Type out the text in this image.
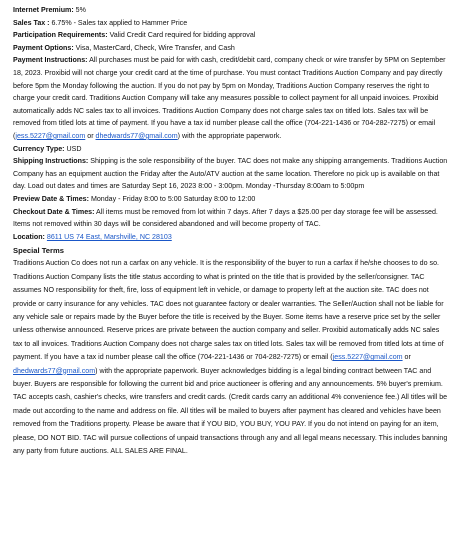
Internet Premium: 5%

Sales Tax : 6.75% - Sales tax applied to Hammer Price

Participation Requirements: Valid Credit Card required for bidding approval

Payment Options: Visa, MasterCard, Check, Wire Transfer, and Cash

Payment Instructions: All purchases must be paid for with cash, credit/debit card, company check or wire transfer by 5PM on September 18, 2023. Proxibid will not charge your credit card at the time of purchase. You must contact Traditions Auction Company and pay directly before 5pm the Monday following the auction. If you do not pay by 5pm on Monday, Traditions Auction Company reserves the right to charge your credit card. Traditions Auction Company will take any measures possible to collect payment for all unpaid invoices. Proxibid automatically adds NC sales tax to all invoices. Traditions Auction Company does not charge sales tax on titled lots. Sales tax will be removed from titled lots at time of payment. If you have a tax id number please call the office (704-221-1436 or 704-282-7275) or email (jess.5227@gmail.com or dhedwards77@gmail.com) with the appropriate paperwork.

Currency Type: USD

Shipping Instructions: Shipping is the sole responsibility of the buyer. TAC does not make any shipping arrangements. Traditions Auction Company has an equipment auction the Friday after the Auto/ATV auction at the same location. Therefore no pick up is available on that day. Load out dates and times are Saturday Sept 16, 2023 8:00 - 3:00pm. Monday -Thursday 8:00am to 5:00pm

Preview Date & Times: Monday - Friday 8:00 to 5:00 Saturday 8:00 to 12:00

Checkout Date & Times: All items must be removed from lot within 7 days. After 7 days a $25.00 per day storage fee will be assessed. Items not removed within 30 days will be considered abandoned and will become property of TAC.

Location: 8611 US 74 East, Marshville, NC 28103

Special Terms

Traditions Auction Co does not run a carfax on any vehicle. It is the responsibility of the buyer to run a carfax if he/she chooses to do so. Traditions Auction Company lists the title status according to what is printed on the title that is provided by the seller/consigner. TAC assumes NO responsibility for theft, fire, loss of equipment left in vehicle, or damage to property left at the auction site. TAC does not provide or carry insurance for any vehicles. TAC does not guarantee factory or dealer warranties. The Seller/Auction shall not be liable for any vehicle sale or repairs made by the Buyer before the title is received by the Buyer. Some items have a reserve price set by the seller unless otherwise announced. Reserve prices are private between the auction company and seller. Proxibid automatically adds NC sales tax to all invoices. Traditions Auction Company does not charge sales tax on titled lots. Sales tax will be removed from titled lots at time of payment. If you have a tax id number please call the office (704-221-1436 or 704-282-7275) or email (jess.5227@gmail.com or dhedwards77@gmail.com) with the appropriate paperwork. Buyer acknowledges bidding is a legal binding contract between TAC and buyer. Buyers are responsible for following the current bid and price auctioneer is offering and any announcements. 5% buyer's premium. TAC accepts cash, cashier's checks, wire transfers and credit cards. (Credit cards carry an additional 4% convenience fee.) All titles will be made out according to the name and address on file. All titles will be mailed to buyers after payment has cleared and vehicles have been removed from the Traditions property. Please be aware that if YOU BID, YOU BUY, YOU PAY. If you do not intend on paying for an item, please, DO NOT BID. TAC will pursue collections of unpaid transactions through any and all legal means necessary. This includes banning any party from future auctions. ALL SALES ARE FINAL.
